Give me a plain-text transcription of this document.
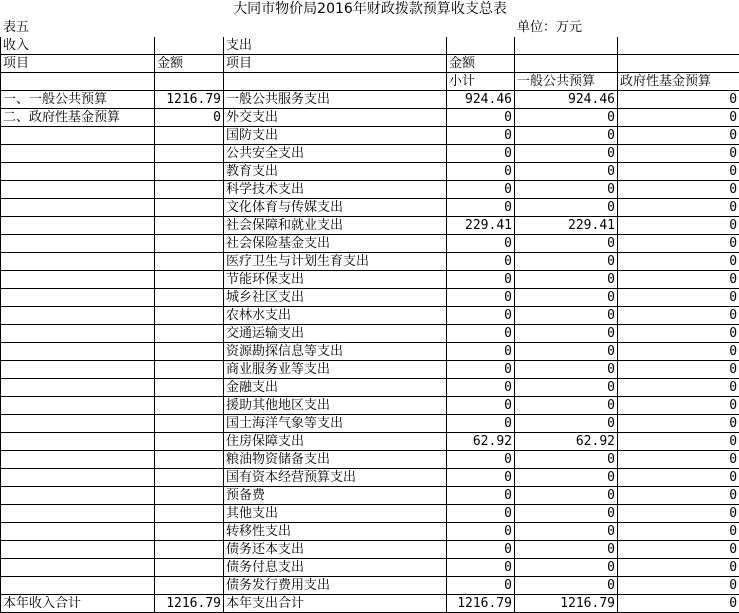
大同市物价局2016年财政拨款预算收支总表					
表五				单位：万元	
收入		支出			
项目	金额	项目	金额		
			小计	一般公共预算	政府性基金预算
一、一般公共预算	1216.79	一般公共服务支出	924.46	924.46	0
二、政府性基金预算	0	外交支出	0	0	0
		国防支出	0	0	0
		公共安全支出	0	0	0
		教育支出	0	0	0
		科学技术支出	0	0	0
		文化体育与传媒支出	0	0	0
		社会保障和就业支出	229.41	229.41	0
		社会保险基金支出	0	0	0
		医疗卫生与计划生育支出	0	0	0
		节能环保支出	0	0	0
		城乡社区支出	0	0	0
		农林水支出	0	0	0
		交通运输支出	0	0	0
		资源勘探信息等支出	0	0	0
		商业服务业等支出	0	0	0
		金融支出	0	0	0
		援助其他地区支出	0	0	0
		国土海洋气象等支出	0	0	0
		住房保障支出	62.92	62.92	0
		粮油物资储备支出	0	0	0
		国有资本经营预算支出	0	0	0
		预备费	0	0	0
		其他支出	0	0	0
		转移性支出	0	0	0
		债务还本支出	0	0	0
		债务付息支出	0	0	0
		债务发行费用支出	0	0	0
本年收入合计	1216.79	本年支出合计	1216.79	1216.79	0
